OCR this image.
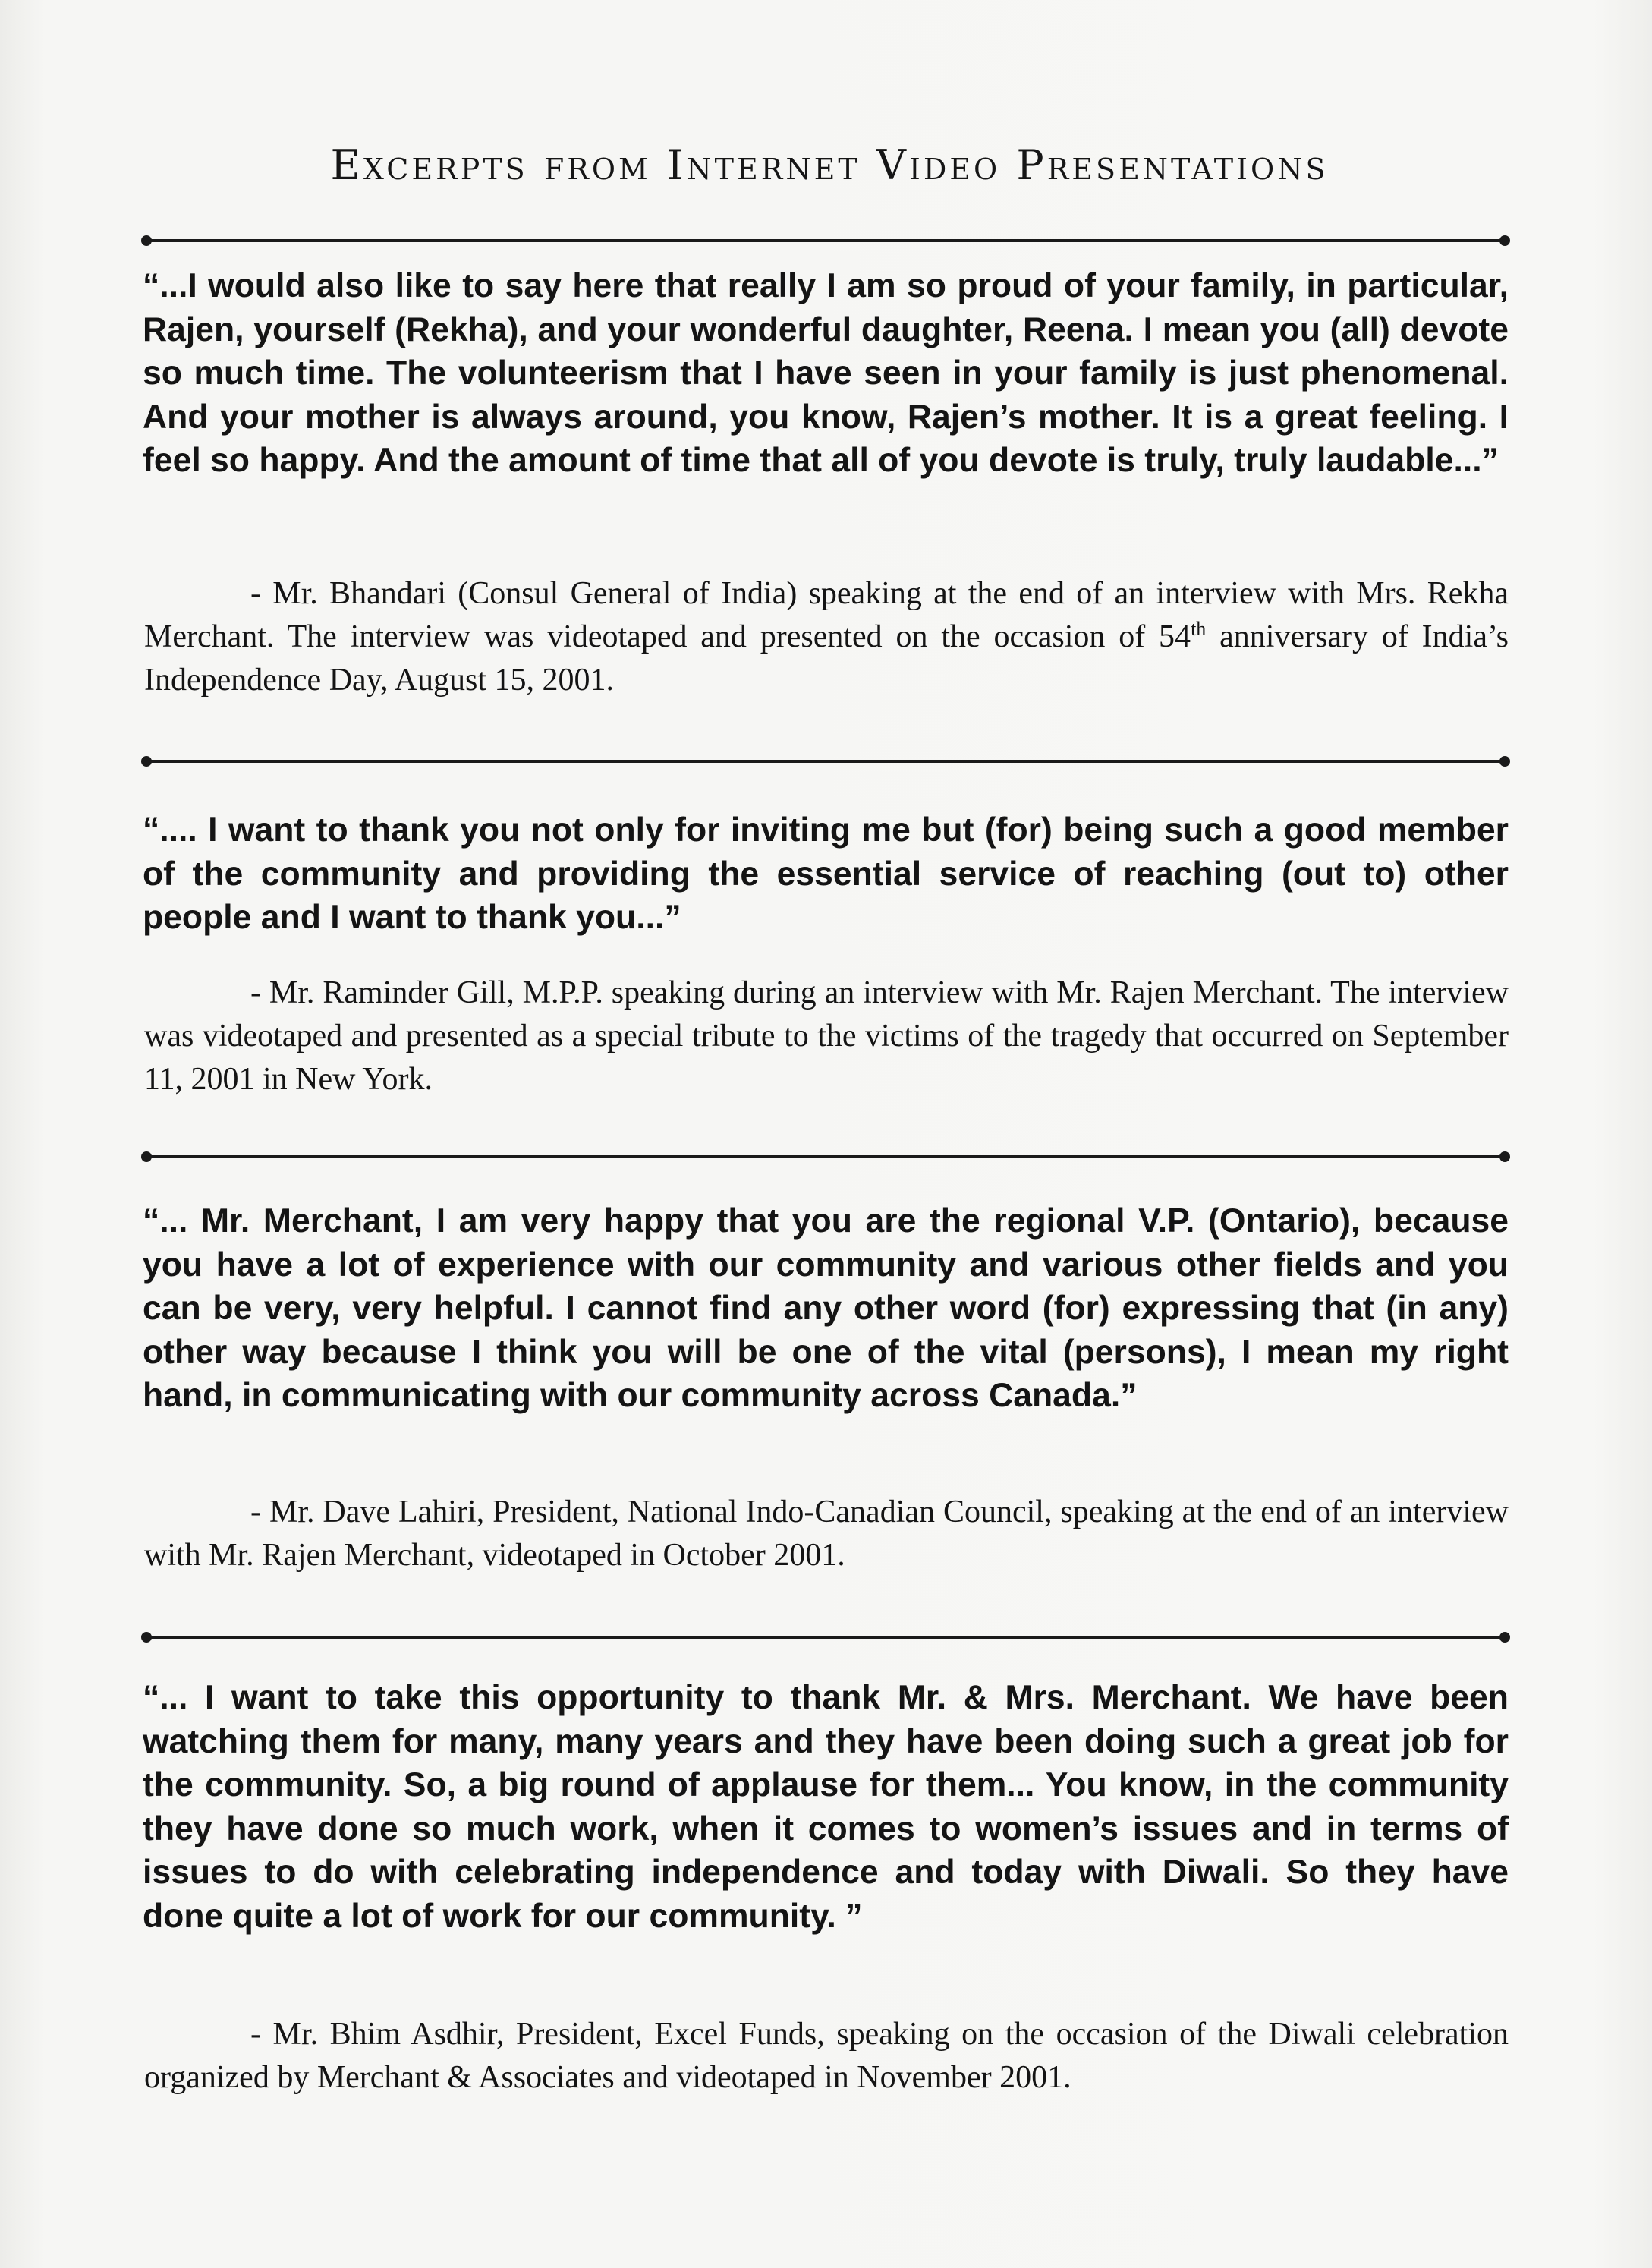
Excerpts from Internet Video Presentations

“...I would also like to say here that really I am so proud of your family, in particular, Rajen, yourself (Rekha), and your wonderful daughter, Reena. I mean you (all) devote so much time. The volunteerism that I have seen in your family is just phenomenal. And your mother is always around, you know, Rajen’s mother. It is a great feeling. I feel so happy. And the amount of time that all of you devote is truly, truly laudable...”

- Mr. Bhandari (Consul General of India) speaking at the end of an interview with Mrs. Rekha Merchant. The interview was videotaped and presented on the occasion of 54th anniversary of India’s Independence Day, August 15, 2001.

“.... I want to thank you not only for inviting me but (for) being such a good member of the community and providing the essential service of reaching (out to) other people and I want to thank you...”

- Mr. Raminder Gill, M.P.P. speaking during an interview with Mr. Rajen Merchant. The interview was videotaped and presented as a special tribute to the victims of the tragedy that occurred on September 11, 2001 in New York.

“... Mr. Merchant, I am very happy that you are the regional V.P. (Ontario), because you have a lot of experience with our community and various other fields and you can be very, very helpful. I cannot find any other word (for) expressing that (in any) other way because I think you will be one of the vital (persons), I mean my right hand, in communicating with our community across Canada.”

- Mr. Dave Lahiri, President, National Indo-Canadian Council, speaking at the end of an interview with Mr. Rajen Merchant, videotaped in October 2001.

“... I want to take this opportunity to thank Mr. & Mrs. Merchant. We have been watching them for many, many years and they have been doing such a great job for the community. So, a big round of applause for them... You know, in the community they have done so much work, when it comes to women’s issues and in terms of issues to do with celebrating independence and today with Diwali. So they have done quite a lot of work for our community. ”

- Mr. Bhim Asdhir, President, Excel Funds, speaking on the occasion of the Diwali celebration organized by Merchant & Associates and videotaped in November 2001.
